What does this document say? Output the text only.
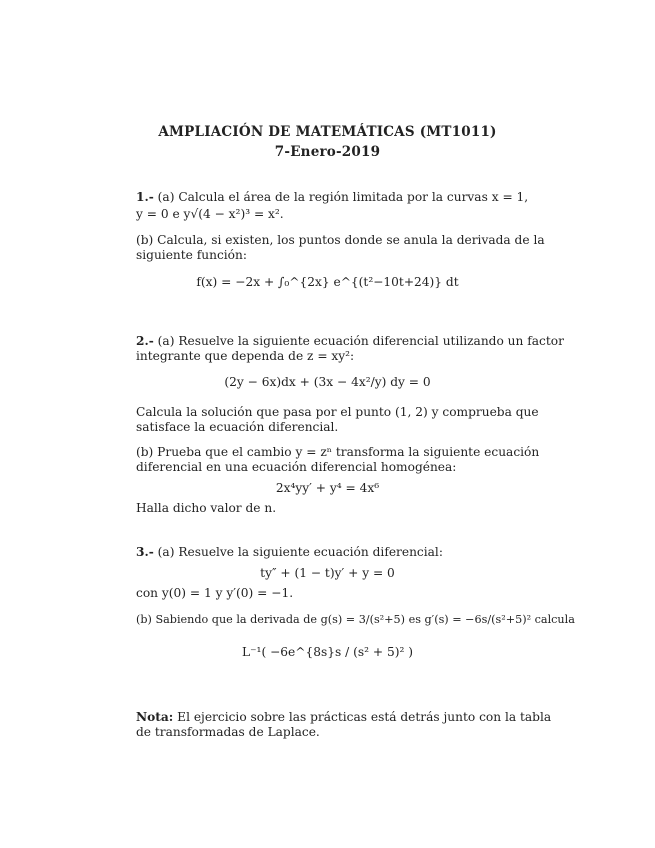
AMPLIACIÓN DE MATEMÁTICAS (MT1011)
7-Enero-2019
1.- (a) Calcula el área de la región limitada por la curvas x = 1,
y = 0 e y√(4 − x²)³ = x².
(b) Calcula, si existen, los puntos donde se anula la derivada de la
siguiente función:
f(x) = −2x + ∫₀^{2x} e^{(t²−10t+24)} dt
2.- (a) Resuelve la siguiente ecuación diferencial utilizando un factor
integrante que dependa de z = xy²:
(2y − 6x)dx + (3x − 4x²/y) dy = 0
Calcula la solución que pasa por el punto (1, 2) y comprueba que
satisface la ecuación diferencial.
(b) Prueba que el cambio y = zⁿ transforma la siguiente ecuación
diferencial en una ecuación diferencial homogénea:
2x⁴yy′ + y⁴ = 4x⁶
Halla dicho valor de n.
3.- (a) Resuelve la siguiente ecuación diferencial:
ty″ + (1 − t)y′ + y = 0
con y(0) = 1 y y′(0) = −1.
(b) Sabiendo que la derivada de g(s) = 3/(s²+5) es g′(s) = −6s/(s²+5)² calcula
L⁻¹( −6e^{8s}s / (s² + 5)² )
Nota: El ejercicio sobre las prácticas está detrás junto con la tabla
de transformadas de Laplace.
